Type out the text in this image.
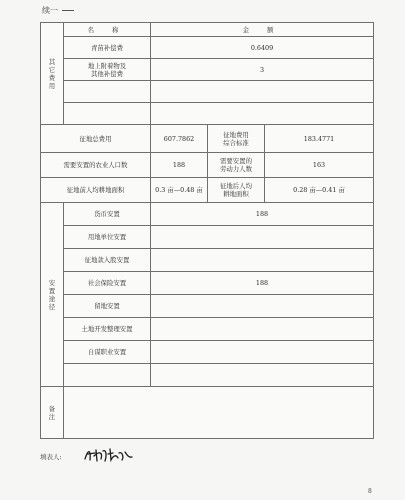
续一
其
它
费
用	名 称	金 额		
	青苗补偿费	0.6409		

	地上附着物及
其他补偿费	3		

征地总费用		607.7862	征地费用
综合标准	183.4771
需要安置的农业人口数		188	需要安置的
劳动力人数	163
征地前人均耕地面积		0.3 亩—0.48 亩	征地后人均
耕地面积	0.28 亩—0.41 亩

安
置
途
径	货币安置	188		
	用地单位安置			
	征地款入股安置			
	社会保险安置	188		
	留地安置			
	土地开发整理安置			
	自谋职业安置			

备
注				

填表人:
8
